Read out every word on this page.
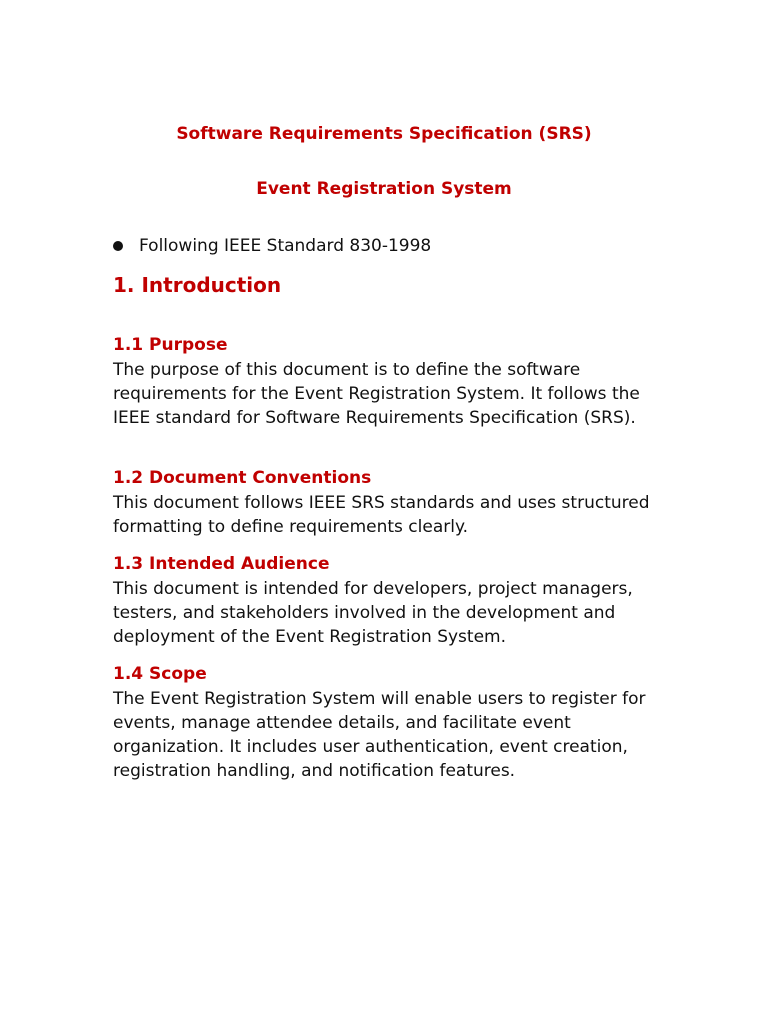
Software Requirements Specification (SRS)
Event Registration System
Following IEEE Standard 830-1998
1. Introduction
1.1 Purpose

The purpose of this document is to define the software requirements for the Event Registration System. It follows the IEEE standard for Software Requirements Specification (SRS).

1.2 Document Conventions

This document follows IEEE SRS standards and uses structured formatting to define requirements clearly.

1.3 Intended Audience

This document is intended for developers, project managers, testers, and stakeholders involved in the development and deployment of the Event Registration System.

1.4 Scope

The Event Registration System will enable users to register for events, manage attendee details, and facilitate event organization. It includes user authentication, event creation, registration handling, and notification features.
